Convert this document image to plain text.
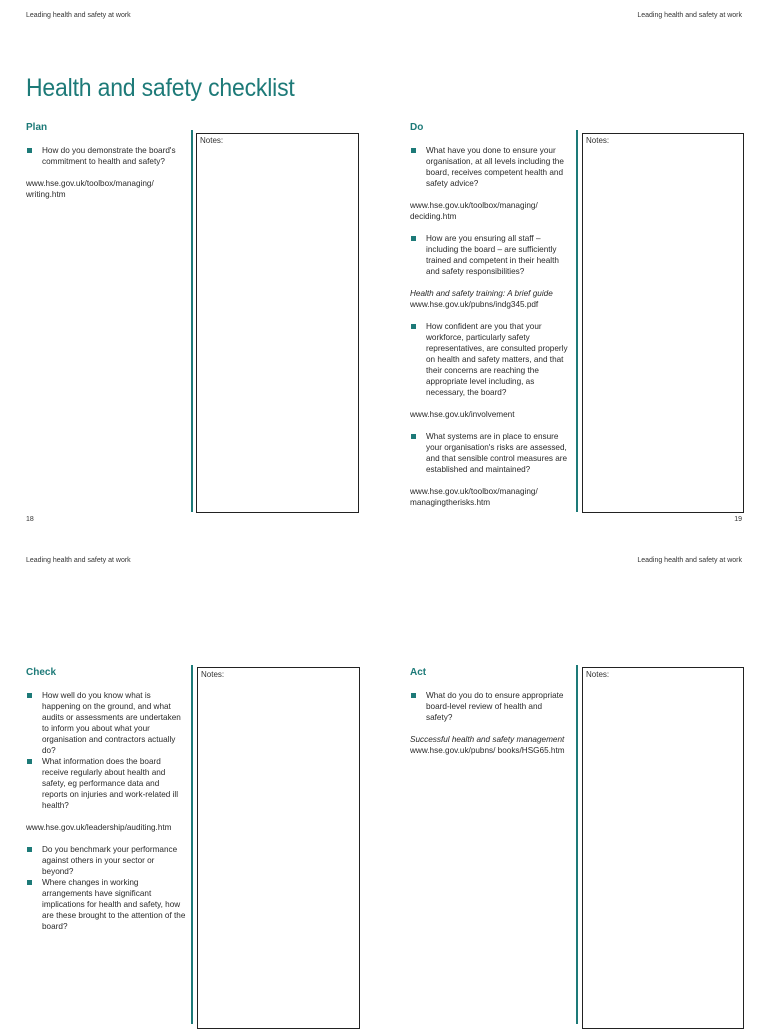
Leading health and safety at work	Leading health and safety at work
Health and safety checklist
Plan
How do you demonstrate the board's commitment to health and safety?
www.hse.gov.uk/toolbox/managing/ writing.htm
Notes:
Do
What have you done to ensure your organisation, at all levels including the board, receives competent health and safety advice?
www.hse.gov.uk/toolbox/managing/ deciding.htm
How are you ensuring all staff – including the board – are sufficiently trained and competent in their health and safety responsibilities?
Health and safety training: A brief guide
www.hse.gov.uk/pubns/indg345.pdf
How confident are you that your workforce, particularly safety representatives, are consulted properly on health and safety matters, and that their concerns are reaching the appropriate level including, as necessary, the board?
www.hse.gov.uk/involvement
What systems are in place to ensure your organisation's risks are assessed, and that sensible control measures are established and maintained?
www.hse.gov.uk/toolbox/managing/ managingtherisks.htm
Notes:
18	19
Leading health and safety at work	Leading health and safety at work
Check
How well do you know what is happening on the ground, and what audits or assessments are undertaken to inform you about what your organisation and contractors actually do?
What information does the board receive regularly about health and safety, eg performance data and reports on injuries and work-related ill health?
www.hse.gov.uk/leadership/auditing.htm
Do you benchmark your performance against others in your sector or beyond?
Where changes in working arrangements have significant implications for health and safety, how are these brought to the attention of the board?
Notes:	Act
What do you do to ensure appropriate board-level review of health and safety?
Successful health and safety management www.hse.gov.uk/pubns/ books/HSG65.htm
Notes:
